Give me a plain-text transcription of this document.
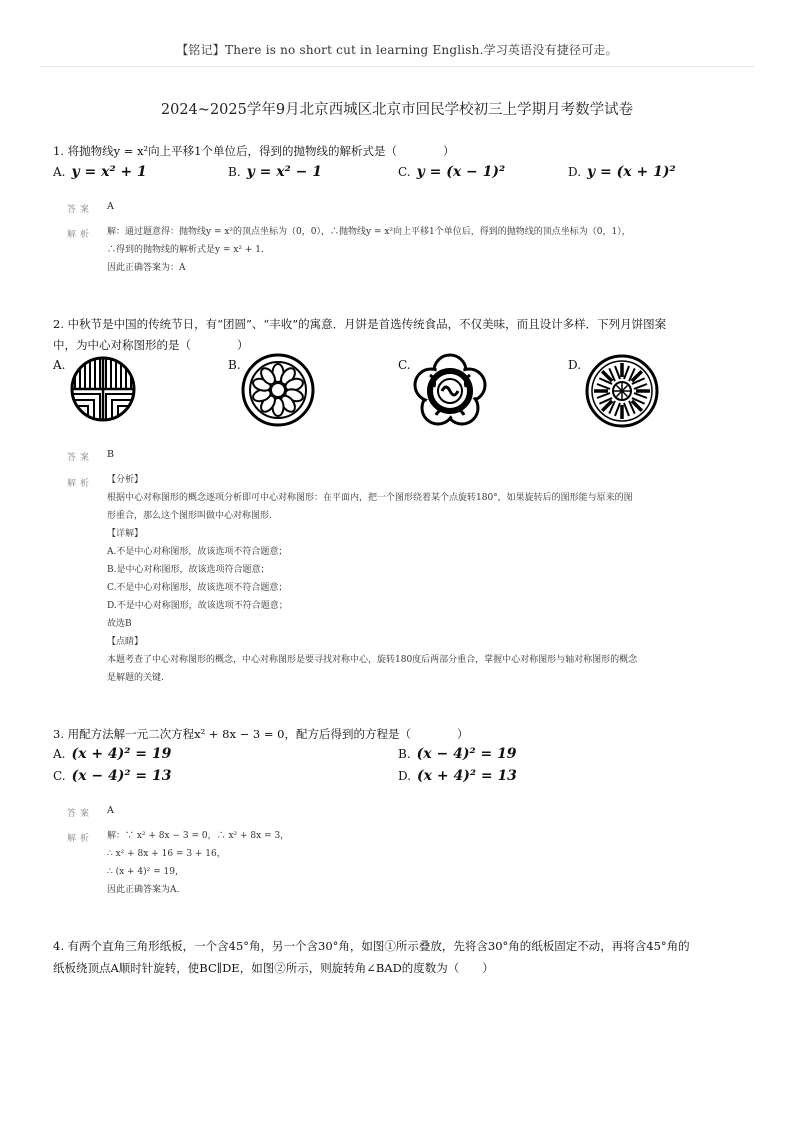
【铭记】There is no short cut in learning English.学习英语没有捷径可走。
2024~2025学年9月北京西城区北京市回民学校初三上学期月考数学试卷
1. 将抛物线y = x²向上平移1个单位后，得到的抛物线的解析式是（　　　　）
A. y = x² + 1	B. y = x² − 1	C. y = (x − 1)²	D. y = (x + 1)²
答案 A
解析 解：通过题意得：抛物线y = x²的顶点坐标为（0，0），∴抛物线y = x²向上平移1个单位后，得到的抛物线的顶点坐标为（0，1），

∴得到的抛物线的解析式是y = x² + 1.

因此正确答案为：A

2. 中秋节是中国的传统节日，有“团圆”、“丰收”的寓意．月饼是首选传统食品，不仅美味，而且设计多样．下列月饼图案
中，为中心对称图形的是（　　　　）
A.	B.	C.	D.
答案 B
解析 【分析】

根据中心对称图形的概念逐项分析即可中心对称图形：在平面内，把一个图形绕着某个点旋转180°，如果旋转后的图形能与原来的图

形重合，那么这个图形叫做中心对称图形.

【详解】

A.不是中心对称图形，故该选项不符合题意；

B.是中心对称图形，故该选项符合题意；

C.不是中心对称图形，故该选项不符合题意；

D.不是中心对称图形，故该选项不符合题意；

故选B

【点睛】

本题考查了中心对称图形的概念，中心对称图形是要寻找对称中心，旋转180度后两部分重合，掌握中心对称图形与轴对称图形的概念

是解题的关键.

3. 用配方法解一元二次方程x² + 8x − 3 = 0，配方后得到的方程是（　　　　）
A. (x + 4)² = 19	B. (x − 4)² = 19
C. (x − 4)² = 13	D. (x + 4)² = 13
答案 A
解析 解：∵ x² + 8x − 3 = 0，∴ x² + 8x = 3，

∴ x² + 8x + 16 = 3 + 16，

∴ (x + 4)² = 19，

因此正确答案为A.

4. 有两个直角三角形纸板，一个含45°角，另一个含30°角，如图①所示叠放，先将含30°角的纸板固定不动，再将含45°角的
纸板绕顶点A顺时针旋转，使BC∥DE，如图②所示，则旋转角∠BAD的度数为（　　）
